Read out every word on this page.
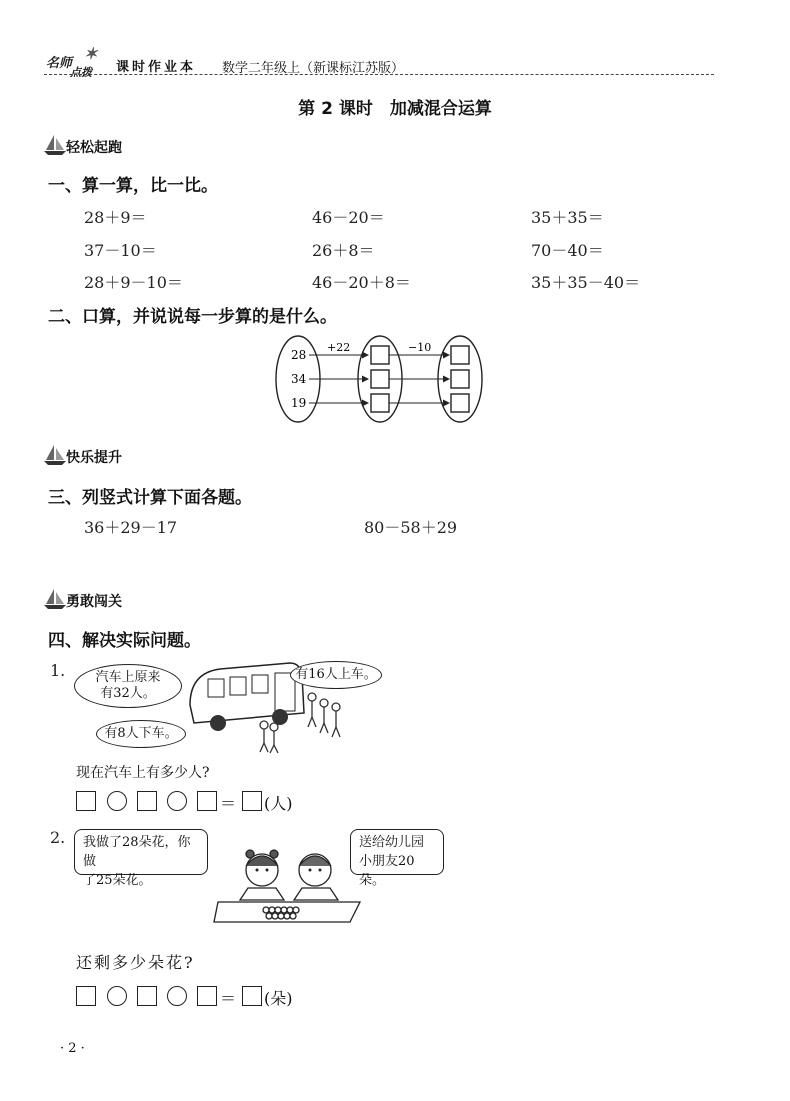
✶
名师
点拨 课时作业本 数学二年级上（新课标江苏版）
第 2 课时　加减混合运算
轻松起跑
一、算一算，比一比。
28＋9＝	46－20＝	35＋35＝
37－10＝	26＋8＝	70－40＝
28＋9－10＝	46－20＋8＝	35＋35－40＝
二、口算，并说说每一步算的是什么。
28
34
19
+22	−10
快乐提升
三、列竖式计算下面各题。
36＋29－17	80－58＋29
勇敢闯关
四、解决实际问题。
1. 汽车上原来
有32人。
有16人上车。
有8人下车。
现在汽车上有多少人?
＝ (人)
2. 我做了28朵花，你做
了25朵花。
送给幼儿园
小朋友20朵。
还剩多少朵花?
＝ (朵)
· 2 ·
